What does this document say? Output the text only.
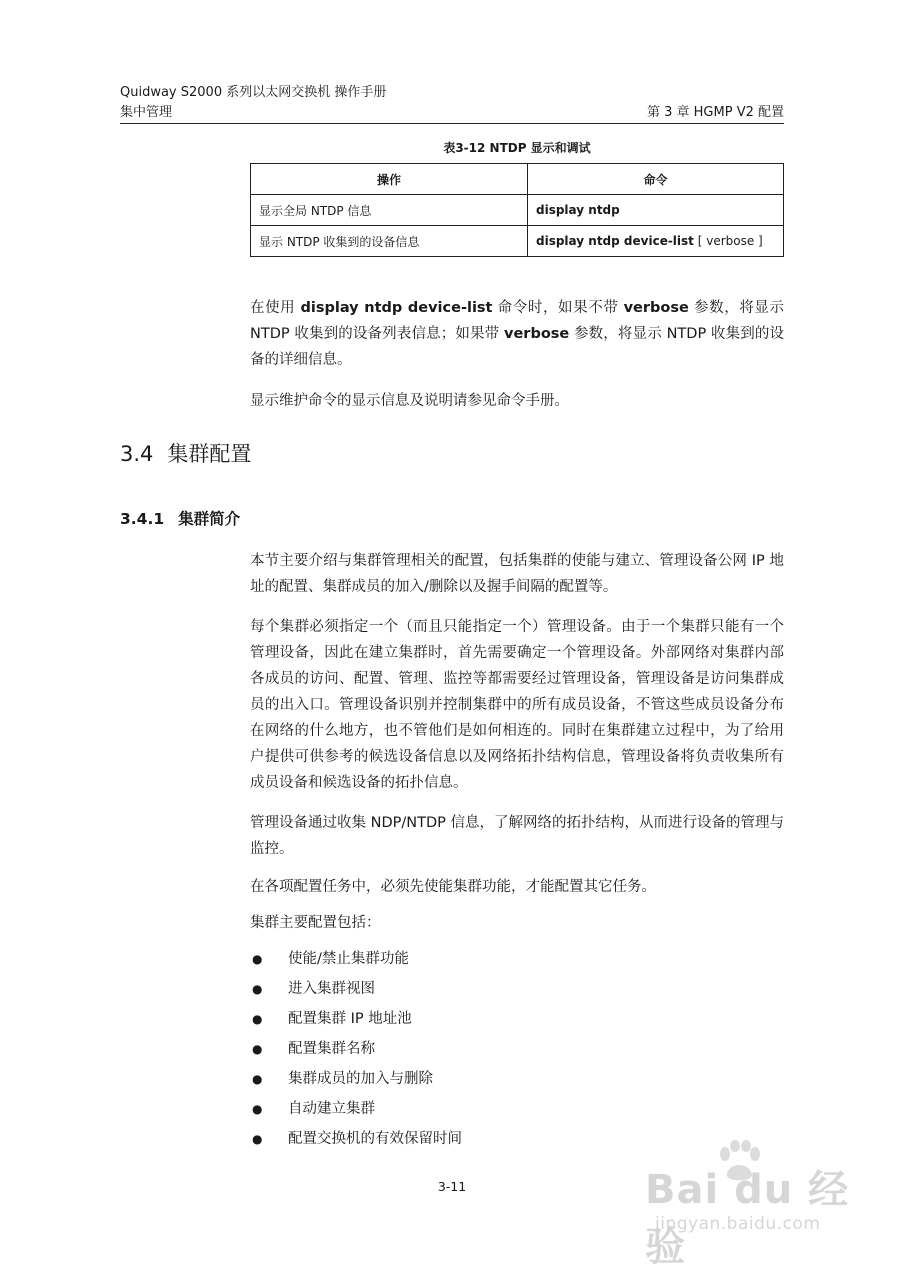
Quidway S2000 系列以太网交换机 操作手册
集中管理	第 3 章 HGMP V2 配置
表3-12 NTDP 显示和调试
操作	命令
显示全局 NTDP 信息	display ntdp
显示 NTDP 收集到的设备信息	display ntdp device-list [ verbose ]

在使用 display ntdp device-list 命令时，如果不带 verbose 参数，将显示 NTDP 收集到的设备列表信息；如果带 verbose 参数，将显示 NTDP 收集到的设备的详细信息。

显示维护命令的显示信息及说明请参见命令手册。

3.4 集群配置
3.4.1 集群简介

本节主要介绍与集群管理相关的配置，包括集群的使能与建立、管理设备公网 IP 地址的配置、集群成员的加入/删除以及握手间隔的配置等。

每个集群必须指定一个（而且只能指定一个）管理设备。由于一个集群只能有一个管理设备，因此在建立集群时，首先需要确定一个管理设备。外部网络对集群内部各成员的访问、配置、管理、监控等都需要经过管理设备，管理设备是访问集群成员的出入口。管理设备识别并控制集群中的所有成员设备，不管这些成员设备分布在网络的什么地方，也不管他们是如何相连的。同时在集群建立过程中，为了给用户提供可供参考的候选设备信息以及网络拓扑结构信息，管理设备将负责收集所有成员设备和候选设备的拓扑信息。

管理设备通过收集 NDP/NTDP 信息，了解网络的拓扑结构，从而进行设备的管理与监控。

在各项配置任务中，必须先使能集群功能，才能配置其它任务。

集群主要配置包括：

● 使能/禁止集群功能
● 进入集群视图
● 配置集群 IP 地址池
● 配置集群名称
● 集群成员的加入与删除
● 自动建立集群
● 配置交换机的有效保留时间
3-11	Bai du 经验
jingyan.baidu.com
